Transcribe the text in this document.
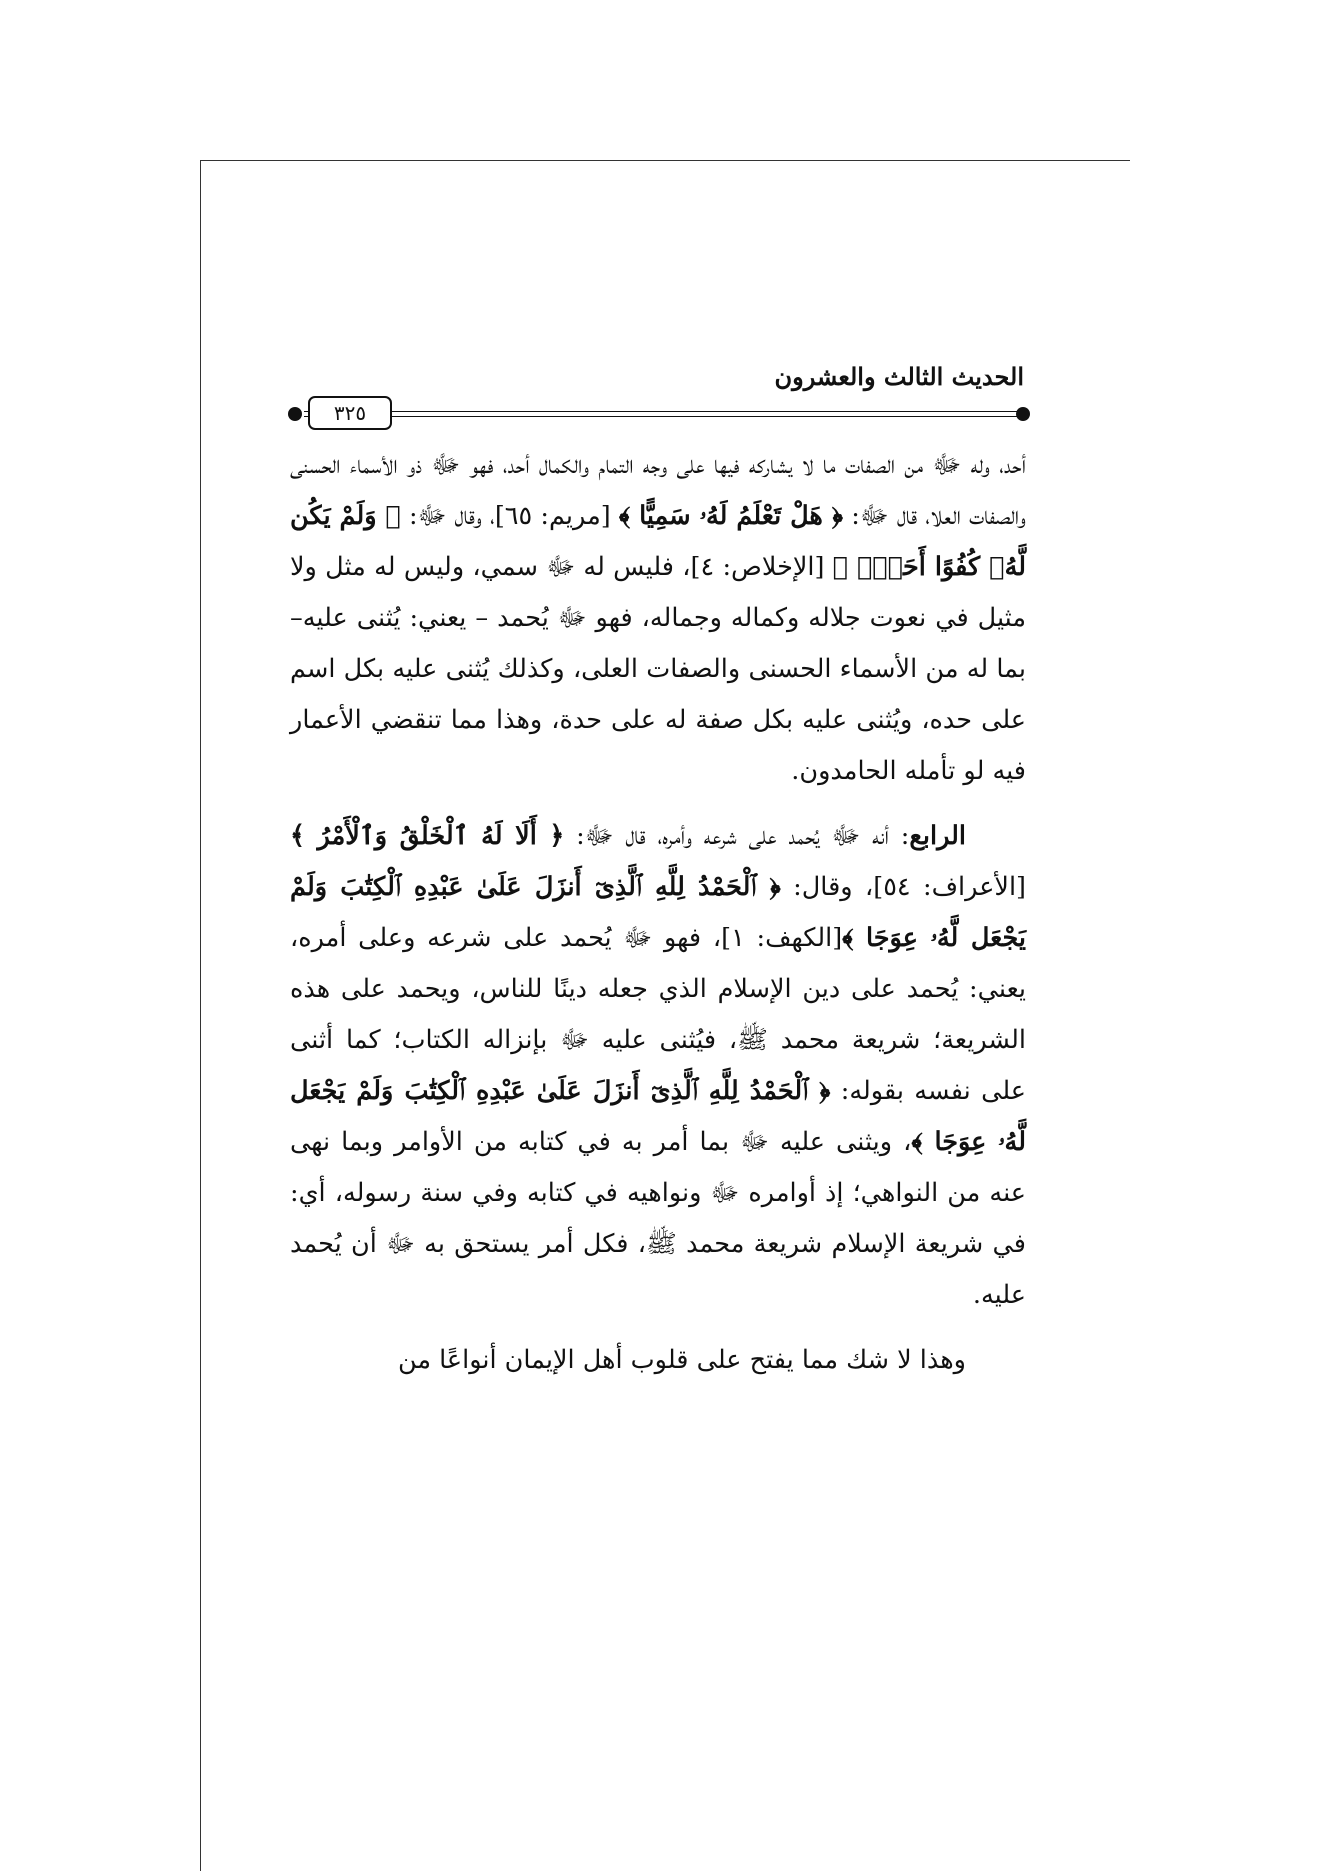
الحديث الثالث والعشرون
٣٢٥

أحد، وله ﷻ من الصفات ما لا يشاركه فيها على وجه التمام والكمال أحد، فهو ﷻ ذو الأسماء الحسنى والصفات العلا، قال ﷻ: ﴿ هَلْ تَعْلَمُ لَهُۥ سَمِيًّا ﴾ [مريم: ٦٥]، وقال ﷻ: ﴿ وَلَمْ يَكُن لَّهُۥ كُفُوًا أَحَدٌۢ ﴾ [الإخلاص: ٤]، فليس له ﷻ سمي، وليس له مثل ولا مثيل في نعوت جلاله وكماله وجماله، فهو ﷻ يُحمد – يعني: يُثنى عليه– بما له من الأسماء الحسنى والصفات العلى، وكذلك يُثنى عليه بكل اسم على حده، ويُثنى عليه بكل صفة له على حدة، وهذا مما تنقضي الأعمار فيه لو تأمله الحامدون.

الرابع: أنه ﷻ يُحمد على شرعه وأمره، قال ﷻ: ﴿ أَلَا لَهُ ٱلْخَلْقُ وَٱلْأَمْرُ ﴾ [الأعراف: ٥٤]، وقال: ﴿ ٱلْحَمْدُ لِلَّهِ ٱلَّذِىٓ أَنزَلَ عَلَىٰ عَبْدِهِ ٱلْكِتَٰبَ وَلَمْ يَجْعَل لَّهُۥ عِوَجَا ﴾[الكهف: ١]، فهو ﷻ يُحمد على شرعه وعلى أمره، يعني: يُحمد على دين الإسلام الذي جعله دينًا للناس، ويحمد على هذه الشريعة؛ شريعة محمد ﷺ، فيُثنى عليه ﷻ بإنزاله الكتاب؛ كما أثنى على نفسه بقوله: ﴿ ٱلْحَمْدُ لِلَّهِ ٱلَّذِىٓ أَنزَلَ عَلَىٰ عَبْدِهِ ٱلْكِتَٰبَ وَلَمْ يَجْعَل لَّهُۥ عِوَجَا ﴾، ويثنى عليه ﷻ بما أمر به في كتابه من الأوامر وبما نهى عنه من النواهي؛ إذ أوامره ﷻ ونواهيه في كتابه وفي سنة رسوله، أي: في شريعة الإسلام شريعة محمد ﷺ، فكل أمر يستحق به ﷻ أن يُحمد عليه.

وهذا لا شك مما يفتح على قلوب أهل الإيمان أنواعًا من
